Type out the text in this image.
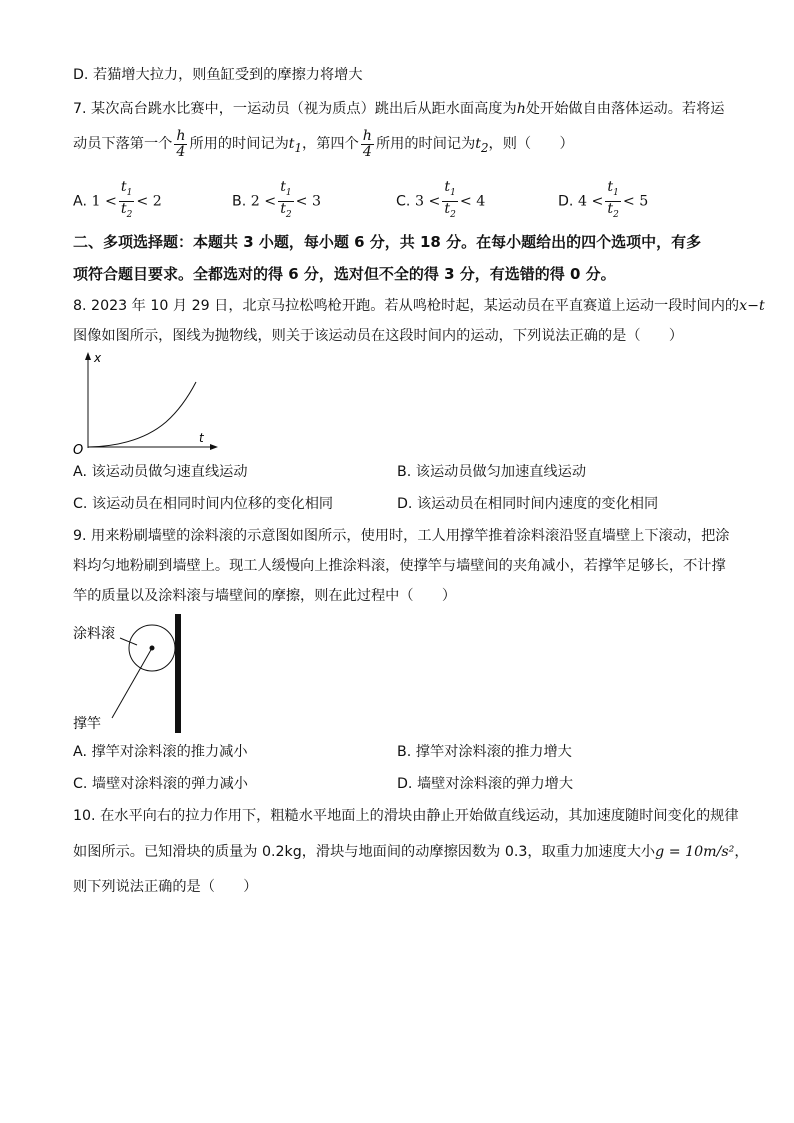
D. 若猫增大拉力，则鱼缸受到的摩擦力将增大
7. 某次高台跳水比赛中，一运动员（视为质点）跳出后从距水面高度为h处开始做自由落体运动。若将运
动员下落第一个 $\frac{h}{4}$ 所用的时间记为$t_1$，第四个 $\frac{h}{4}$ 所用的时间记为$t_2$，则（　　）
A. $1 < \frac{t_1}{t_2} < 2$	B. $2 < \frac{t_1}{t_2} < 3$	C. $3 < \frac{t_1}{t_2} < 4$	D. $4 < \frac{t_1}{t_2} < 5$
二、多项选择题：本题共 3 小题，每小题 6 分，共 18 分。在每小题给出的四个选项中，有多
项符合题目要求。全都选对的得 6 分，选对但不全的得 3 分，有选错的得 0 分。
8. 2023 年 10 月 29 日，北京马拉松鸣枪开跑。若从鸣枪时起，某运动员在平直赛道上运动一段时间内的x−t
图像如图所示，图线为抛物线，则关于该运动员在这段时间内的运动，下列说法正确的是（　　）
x
t
O
A. 该运动员做匀速直线运动	B. 该运动员做匀加速直线运动
C. 该运动员在相同时间内位移的变化相同	D. 该运动员在相同时间内速度的变化相同
9. 用来粉刷墙壁的涂料滚的示意图如图所示，使用时，工人用撑竿推着涂料滚沿竖直墙壁上下滚动，把涂
料均匀地粉刷到墙壁上。现工人缓慢向上推涂料滚，使撑竿与墙壁间的夹角减小，若撑竿足够长，不计撑
竿的质量以及涂料滚与墙壁间的摩擦，则在此过程中（　　）
涂料滚
撑竿
A. 撑竿对涂料滚的推力减小	B. 撑竿对涂料滚的推力增大
C. 墙壁对涂料滚的弹力减小	D. 墙壁对涂料滚的弹力增大
10. 在水平向右的拉力作用下，粗糙水平地面上的滑块由静止开始做直线运动，其加速度随时间变化的规律
如图所示。已知滑块的质量为 0.2kg，滑块与地面间的动摩擦因数为 0.3，取重力加速度大小g = 10m/s²，
则下列说法正确的是（　　）
